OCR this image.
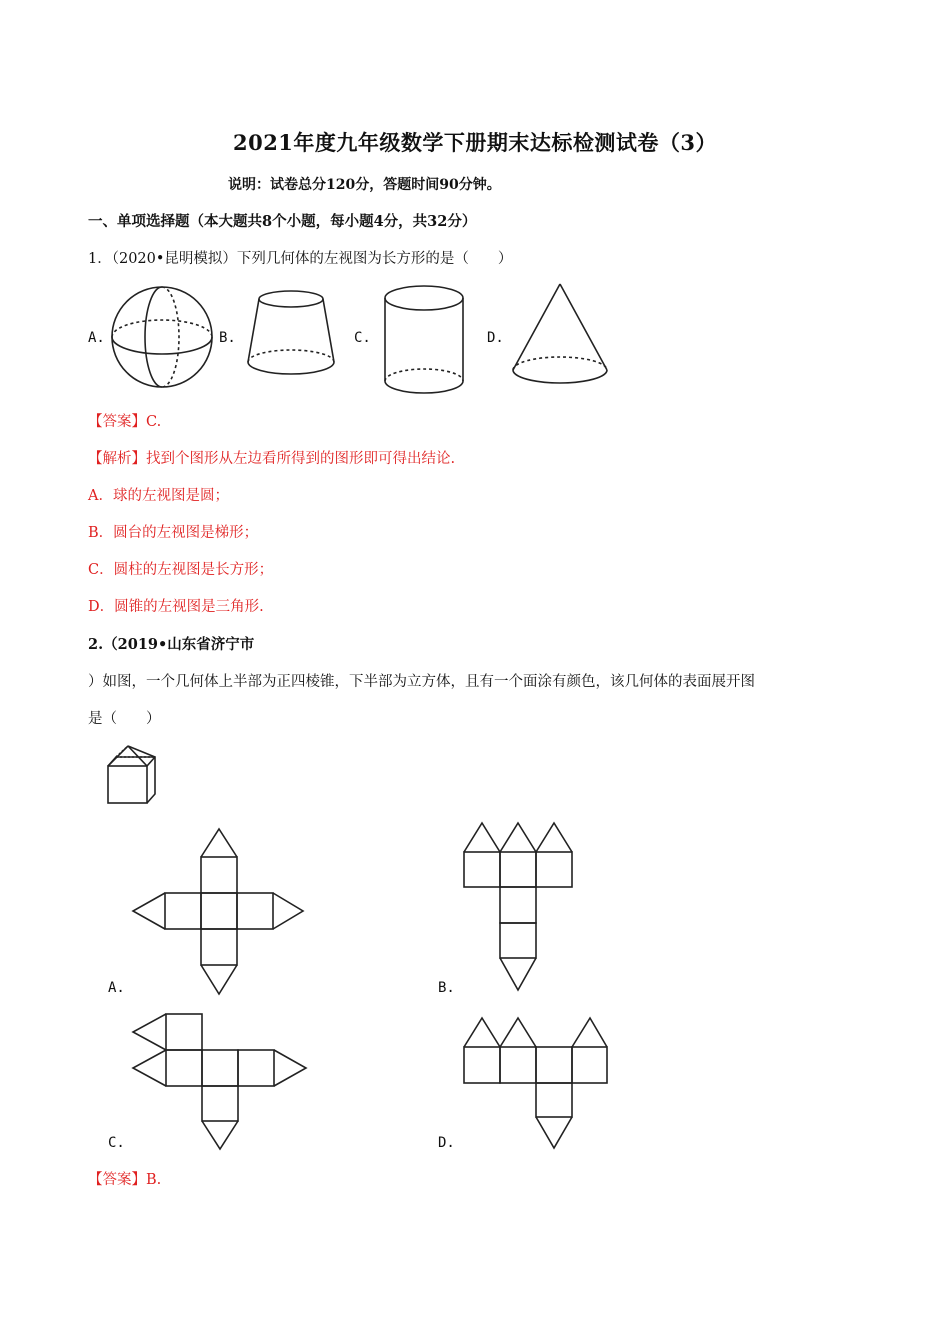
2021年度九年级数学下册期末达标检测试卷（3）
说明：试卷总分120分，答题时间90分钟。
一、单项选择题（本大题共8个小题，每小题4分，共32分）
1．（2020•昆明模拟）下列几何体的左视图为长方形的是（　　）
A.	B.	C.	D.
【答案】C.
【解析】找到个图形从左边看所得到的图形即可得出结论.
A．球的左视图是圆；
B．圆台的左视图是梯形；
C．圆柱的左视图是长方形；
D．圆锥的左视图是三角形.
2.（2019•山东省济宁市
）如图，一个几何体上半部为正四棱锥，下半部为立方体，且有一个面涂有颜色，该几何体的表面展开图
是（　　）
A.	B.
C.	D.
【答案】B.
